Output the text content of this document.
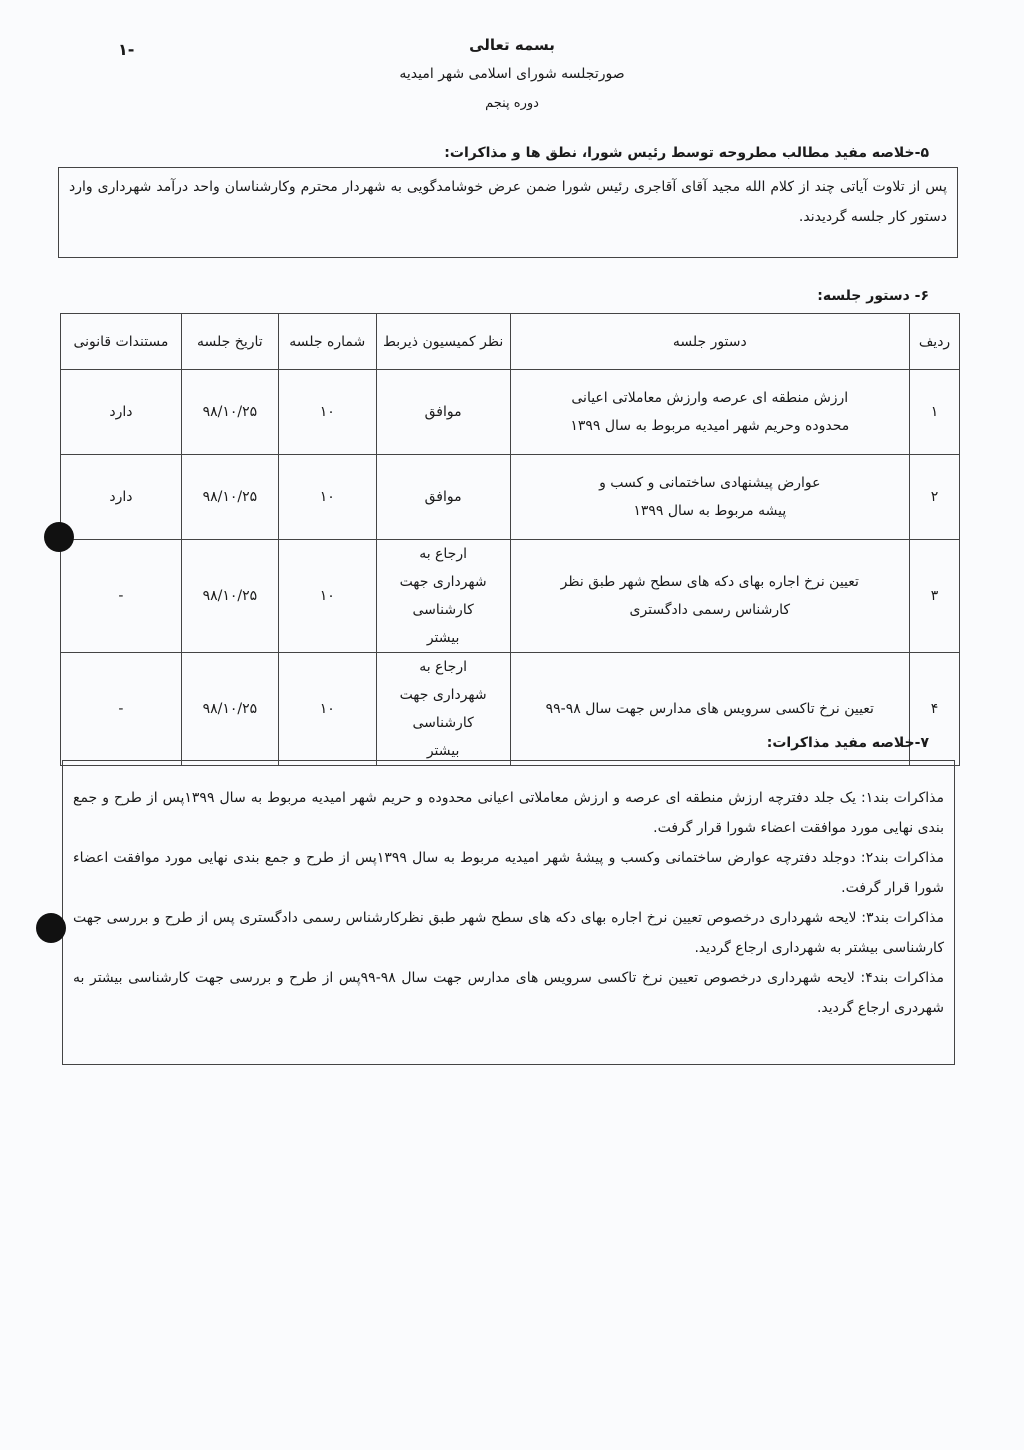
١-	بسمه تعالی
صورتجلسه شورای اسلامی شهر امیدیه
دوره پنجم
۵-خلاصه مفید مطالب مطروحه توسط رئیس شورا، نطق ها و مذاکرات:
پس از تلاوت آیاتی چند از کلام الله مجید آقای آقاجری رئیس شورا ضمن عرض خوشامدگویی به شهردار محترم وکارشناسان واحد درآمد شهرداری وارد دستور کار جلسه گردیدند.
۶- دستور جلسه:
ردیف	دستور جلسه	نظر کمیسیون ذیربط	شماره جلسه	تاریخ جلسه	مستندات قانونی
۱	ارزش منطقه ای عرصه وارزش معاملاتی اعیانی محدوده وحریم شهر امیدیه مربوط به سال ۱۳۹۹	موافق	۱۰	۹۸/۱۰/۲۵	دارد
۲	عوارض پیشنهادی ساختمانی و کسب و پیشه مربوط به سال ۱۳۹۹	موافق	۱۰	۹۸/۱۰/۲۵	دارد
۳	تعیین نرخ اجاره بهای دکه های سطح شهر طبق نظر کارشناس رسمی دادگستری	ارجاع به شهرداری جهت کارشناسی بیشتر	۱۰	۹۸/۱۰/۲۵	-
۴	تعیین نرخ تاکسی سرویس های مدارس جهت سال ۹۸-۹۹	ارجاع به شهرداری جهت کارشناسی بیشتر	۱۰	۹۸/۱۰/۲۵	-
۷-خلاصه مفید مذاکرات:
مذاکرات بند۱: یک جلد دفترچه ارزش منطقه ای عرصه و ارزش معاملاتی اعیانی محدوده و حریم شهر امیدیه مربوط به سال ۱۳۹۹پس از طرح و جمع بندی نهایی مورد موافقت اعضاء شورا قرار گرفت.
مذاکرات بند۲: دوجلد دفترچه عوارض ساختمانی وکسب و پیشهٔ شهر امیدیه مربوط به سال ۱۳۹۹پس از طرح و جمع بندی نهایی مورد موافقت اعضاء شورا قرار گرفت.
مذاکرات بند۳: لایحه شهرداری درخصوص تعیین نرخ اجاره بهای دکه های سطح شهر طبق نظرکارشناس رسمی دادگستری پس از طرح و بررسی جهت کارشناسی بیشتر به شهرداری ارجاع گردید.
مذاکرات بند۴: لایحه شهرداری درخصوص تعیین نرخ تاکسی سرویس های مدارس جهت سال ۹۸-۹۹پس از طرح و بررسی جهت کارشناسی بیشتر به شهردری ارجاع گردید.
